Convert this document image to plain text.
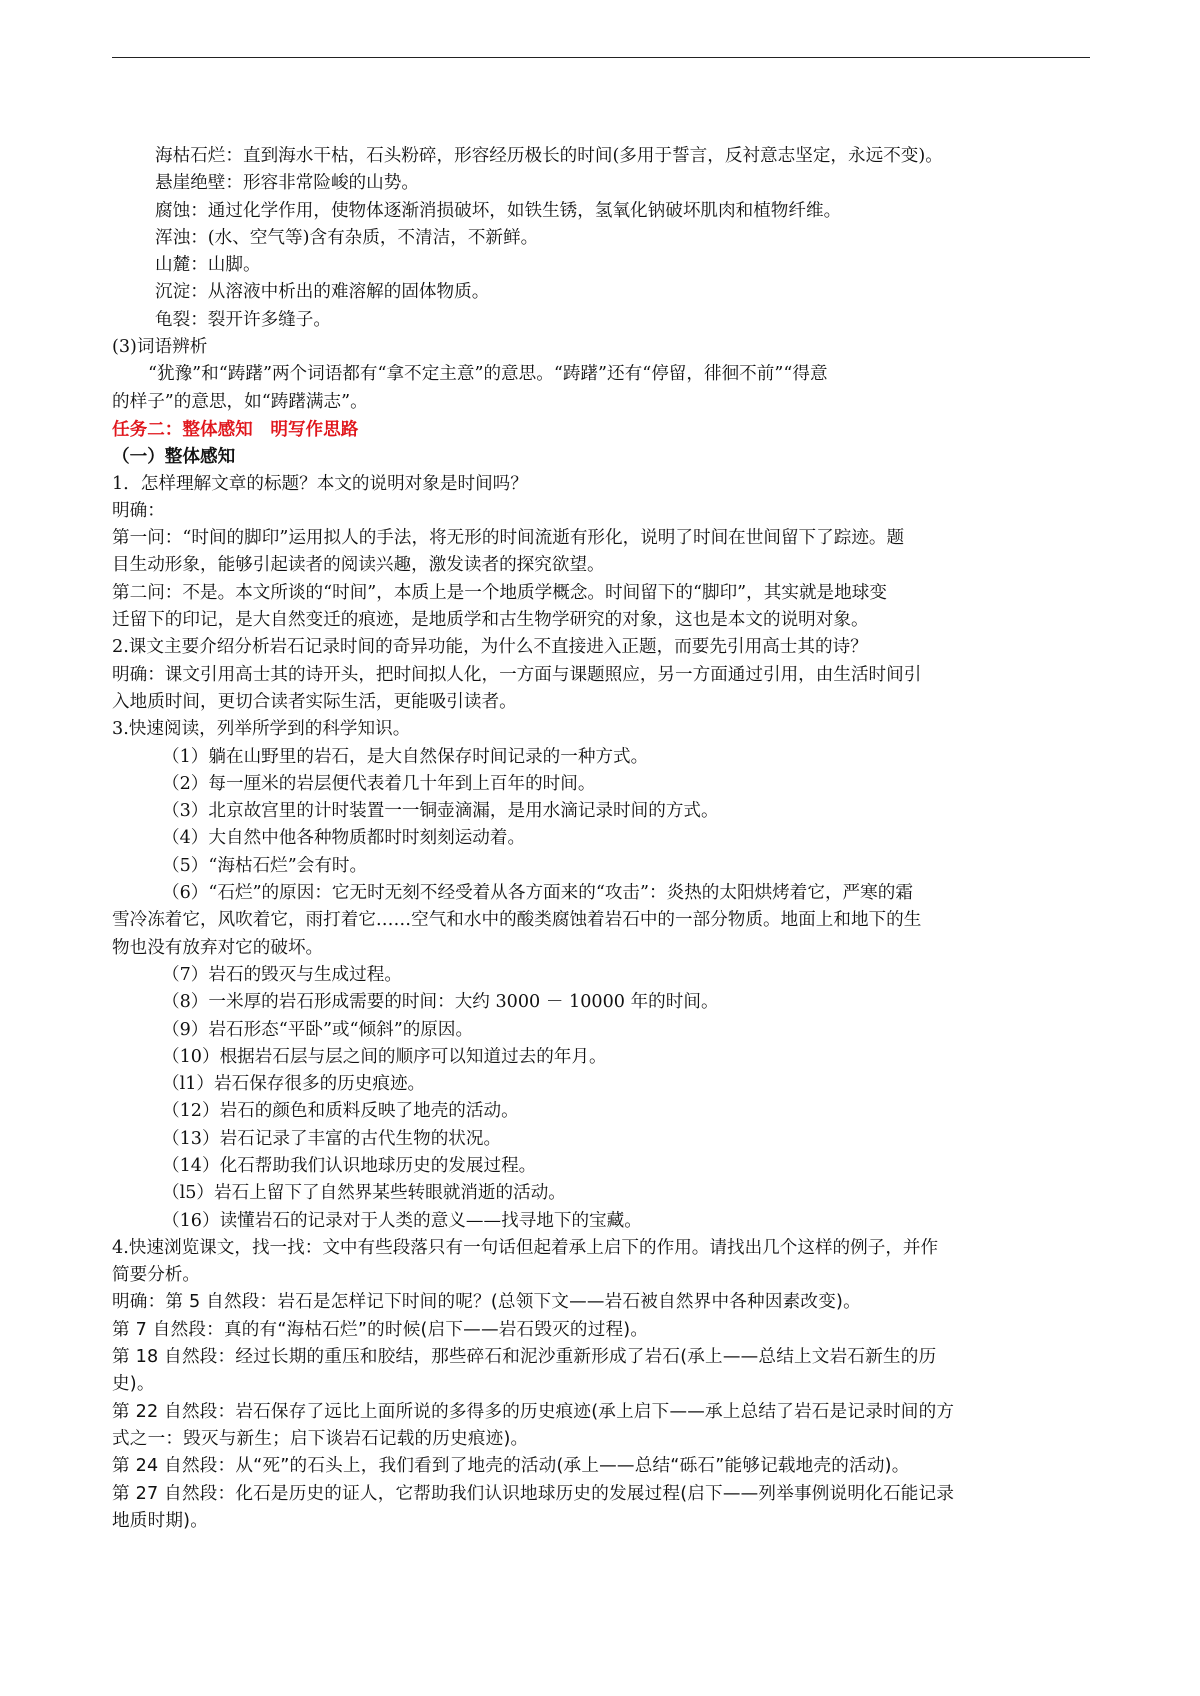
海枯石烂：直到海水干枯，石头粉碎，形容经历极长的时间(多用于誓言，反衬意志坚定，永远不变)。
悬崖绝壁：形容非常险峻的山势。
腐蚀：通过化学作用，使物体逐渐消损破坏，如铁生锈，氢氧化钠破坏肌肉和植物纤维。
浑浊：(水、空气等)含有杂质，不清洁，不新鲜。
山麓：山脚。
沉淀：从溶液中析出的难溶解的固体物质。
龟裂：裂开许多缝子。
(3)词语辨析
“犹豫”和“踌躇”两个词语都有“拿不定主意”的意思。“踌躇”还有“停留，徘徊不前”“得意
的样子”的意思，如“踌躇满志”。
任务二：整体感知　明写作思路
（一）整体感知
1．怎样理解文章的标题？本文的说明对象是时间吗？
明确：
第一问：“时间的脚印”运用拟人的手法，将无形的时间流逝有形化，说明了时间在世间留下了踪迹。题
目生动形象，能够引起读者的阅读兴趣，激发读者的探究欲望。
第二问：不是。本文所谈的“时间”，本质上是一个地质学概念。时间留下的“脚印”，其实就是地球变
迁留下的印记，是大自然变迁的痕迹，是地质学和古生物学研究的对象，这也是本文的说明对象。
2.课文主要介绍分析岩石记录时间的奇异功能，为什么不直接进入正题，而要先引用高士其的诗？
明确：课文引用高士其的诗开头，把时间拟人化，一方面与课题照应，另一方面通过引用，由生活时间引
入地质时间，更切合读者实际生活，更能吸引读者。
3.快速阅读，列举所学到的科学知识。
（1）躺在山野里的岩石，是大自然保存时间记录的一种方式。
（2）每一厘米的岩层便代表着几十年到上百年的时间。
（3）北京故宫里的计时装置一一铜壶滴漏，是用水滴记录时间的方式。
（4）大自然中他各种物质都时时刻刻运动着。
（5）“海枯石烂”会有时。
（6）“石烂”的原因：它无时无刻不经受着从各方面来的“攻击”：炎热的太阳烘烤着它，严寒的霜
雪冷冻着它，风吹着它，雨打着它……空气和水中的酸类腐蚀着岩石中的一部分物质。地面上和地下的生
物也没有放弃对它的破坏。
（7）岩石的毁灭与生成过程。
（8）一米厚的岩石形成需要的时间：大约 3000 － 10000 年的时间。
（9）岩石形态“平卧”或“倾斜”的原因。
（10）根据岩石层与层之间的顺序可以知道过去的年月。
（l1）岩石保存很多的历史痕迹。
（12）岩石的颜色和质料反映了地壳的活动。
（13）岩石记录了丰富的古代生物的状况。
（14）化石帮助我们认识地球历史的发展过程。
（l5）岩石上留下了自然界某些转眼就消逝的活动。
（16）读懂岩石的记录对于人类的意义——找寻地下的宝藏。
4.快速浏览课文，找一找：文中有些段落只有一句话但起着承上启下的作用。请找出几个这样的例子，并作
简要分析。
明确：第 5 自然段：岩石是怎样记下时间的呢？(总领下文——岩石被自然界中各种因素改变)。
第 7 自然段：真的有“海枯石烂”的时候(启下——岩石毁灭的过程)。
第 18 自然段：经过长期的重压和胶结，那些碎石和泥沙重新形成了岩石(承上——总结上文岩石新生的历
史)。
第 22 自然段：岩石保存了远比上面所说的多得多的历史痕迹(承上启下——承上总结了岩石是记录时间的方
式之一：毁灭与新生；启下谈岩石记载的历史痕迹)。
第 24 自然段：从“死”的石头上，我们看到了地壳的活动(承上——总结“砾石”能够记载地壳的活动)。
第 27 自然段：化石是历史的证人，它帮助我们认识地球历史的发展过程(启下——列举事例说明化石能记录
地质时期)。
